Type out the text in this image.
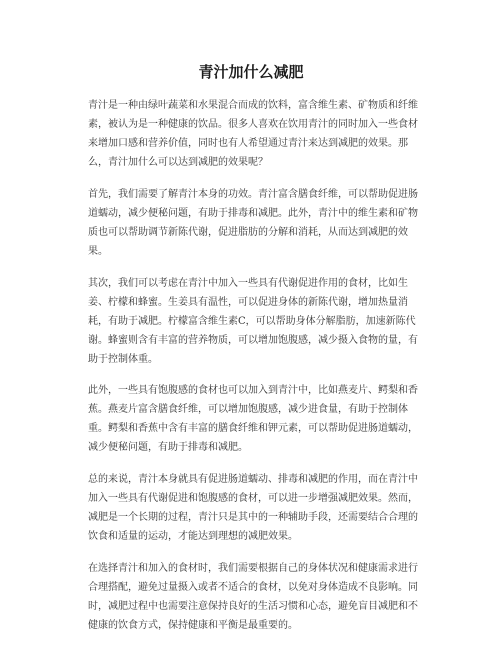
青汁加什么减肥

青汁是一种由绿叶蔬菜和水果混合而成的饮料，富含维生素、矿物质和纤维素，被认为是一种健康的饮品。很多人喜欢在饮用青汁的同时加入一些食材来增加口感和营养价值，同时也有人希望通过青汁来达到减肥的效果。那么，青汁加什么可以达到减肥的效果呢？

首先，我们需要了解青汁本身的功效。青汁富含膳食纤维，可以帮助促进肠道蠕动，减少便秘问题，有助于排毒和减肥。此外，青汁中的维生素和矿物质也可以帮助调节新陈代谢，促进脂肪的分解和消耗，从而达到减肥的效果。

其次，我们可以考虑在青汁中加入一些具有代谢促进作用的食材，比如生姜、柠檬和蜂蜜。生姜具有温性，可以促进身体的新陈代谢，增加热量消耗，有助于减肥。柠檬富含维生素C，可以帮助身体分解脂肪，加速新陈代谢。蜂蜜则含有丰富的营养物质，可以增加饱腹感，减少摄入食物的量，有助于控制体重。

此外，一些具有饱腹感的食材也可以加入到青汁中，比如燕麦片、鳄梨和香蕉。燕麦片富含膳食纤维，可以增加饱腹感，减少进食量，有助于控制体重。鳄梨和香蕉中含有丰富的膳食纤维和钾元素，可以帮助促进肠道蠕动，减少便秘问题，有助于排毒和减肥。

总的来说，青汁本身就具有促进肠道蠕动、排毒和减肥的作用，而在青汁中加入一些具有代谢促进和饱腹感的食材，可以进一步增强减肥效果。然而，减肥是一个长期的过程，青汁只是其中的一种辅助手段，还需要结合合理的饮食和适量的运动，才能达到理想的减肥效果。

在选择青汁和加入的食材时，我们需要根据自己的身体状况和健康需求进行合理搭配，避免过量摄入或者不适合的食材，以免对身体造成不良影响。同时，减肥过程中也需要注意保持良好的生活习惯和心态，避免盲目减肥和不健康的饮食方式，保持健康和平衡是最重要的。
